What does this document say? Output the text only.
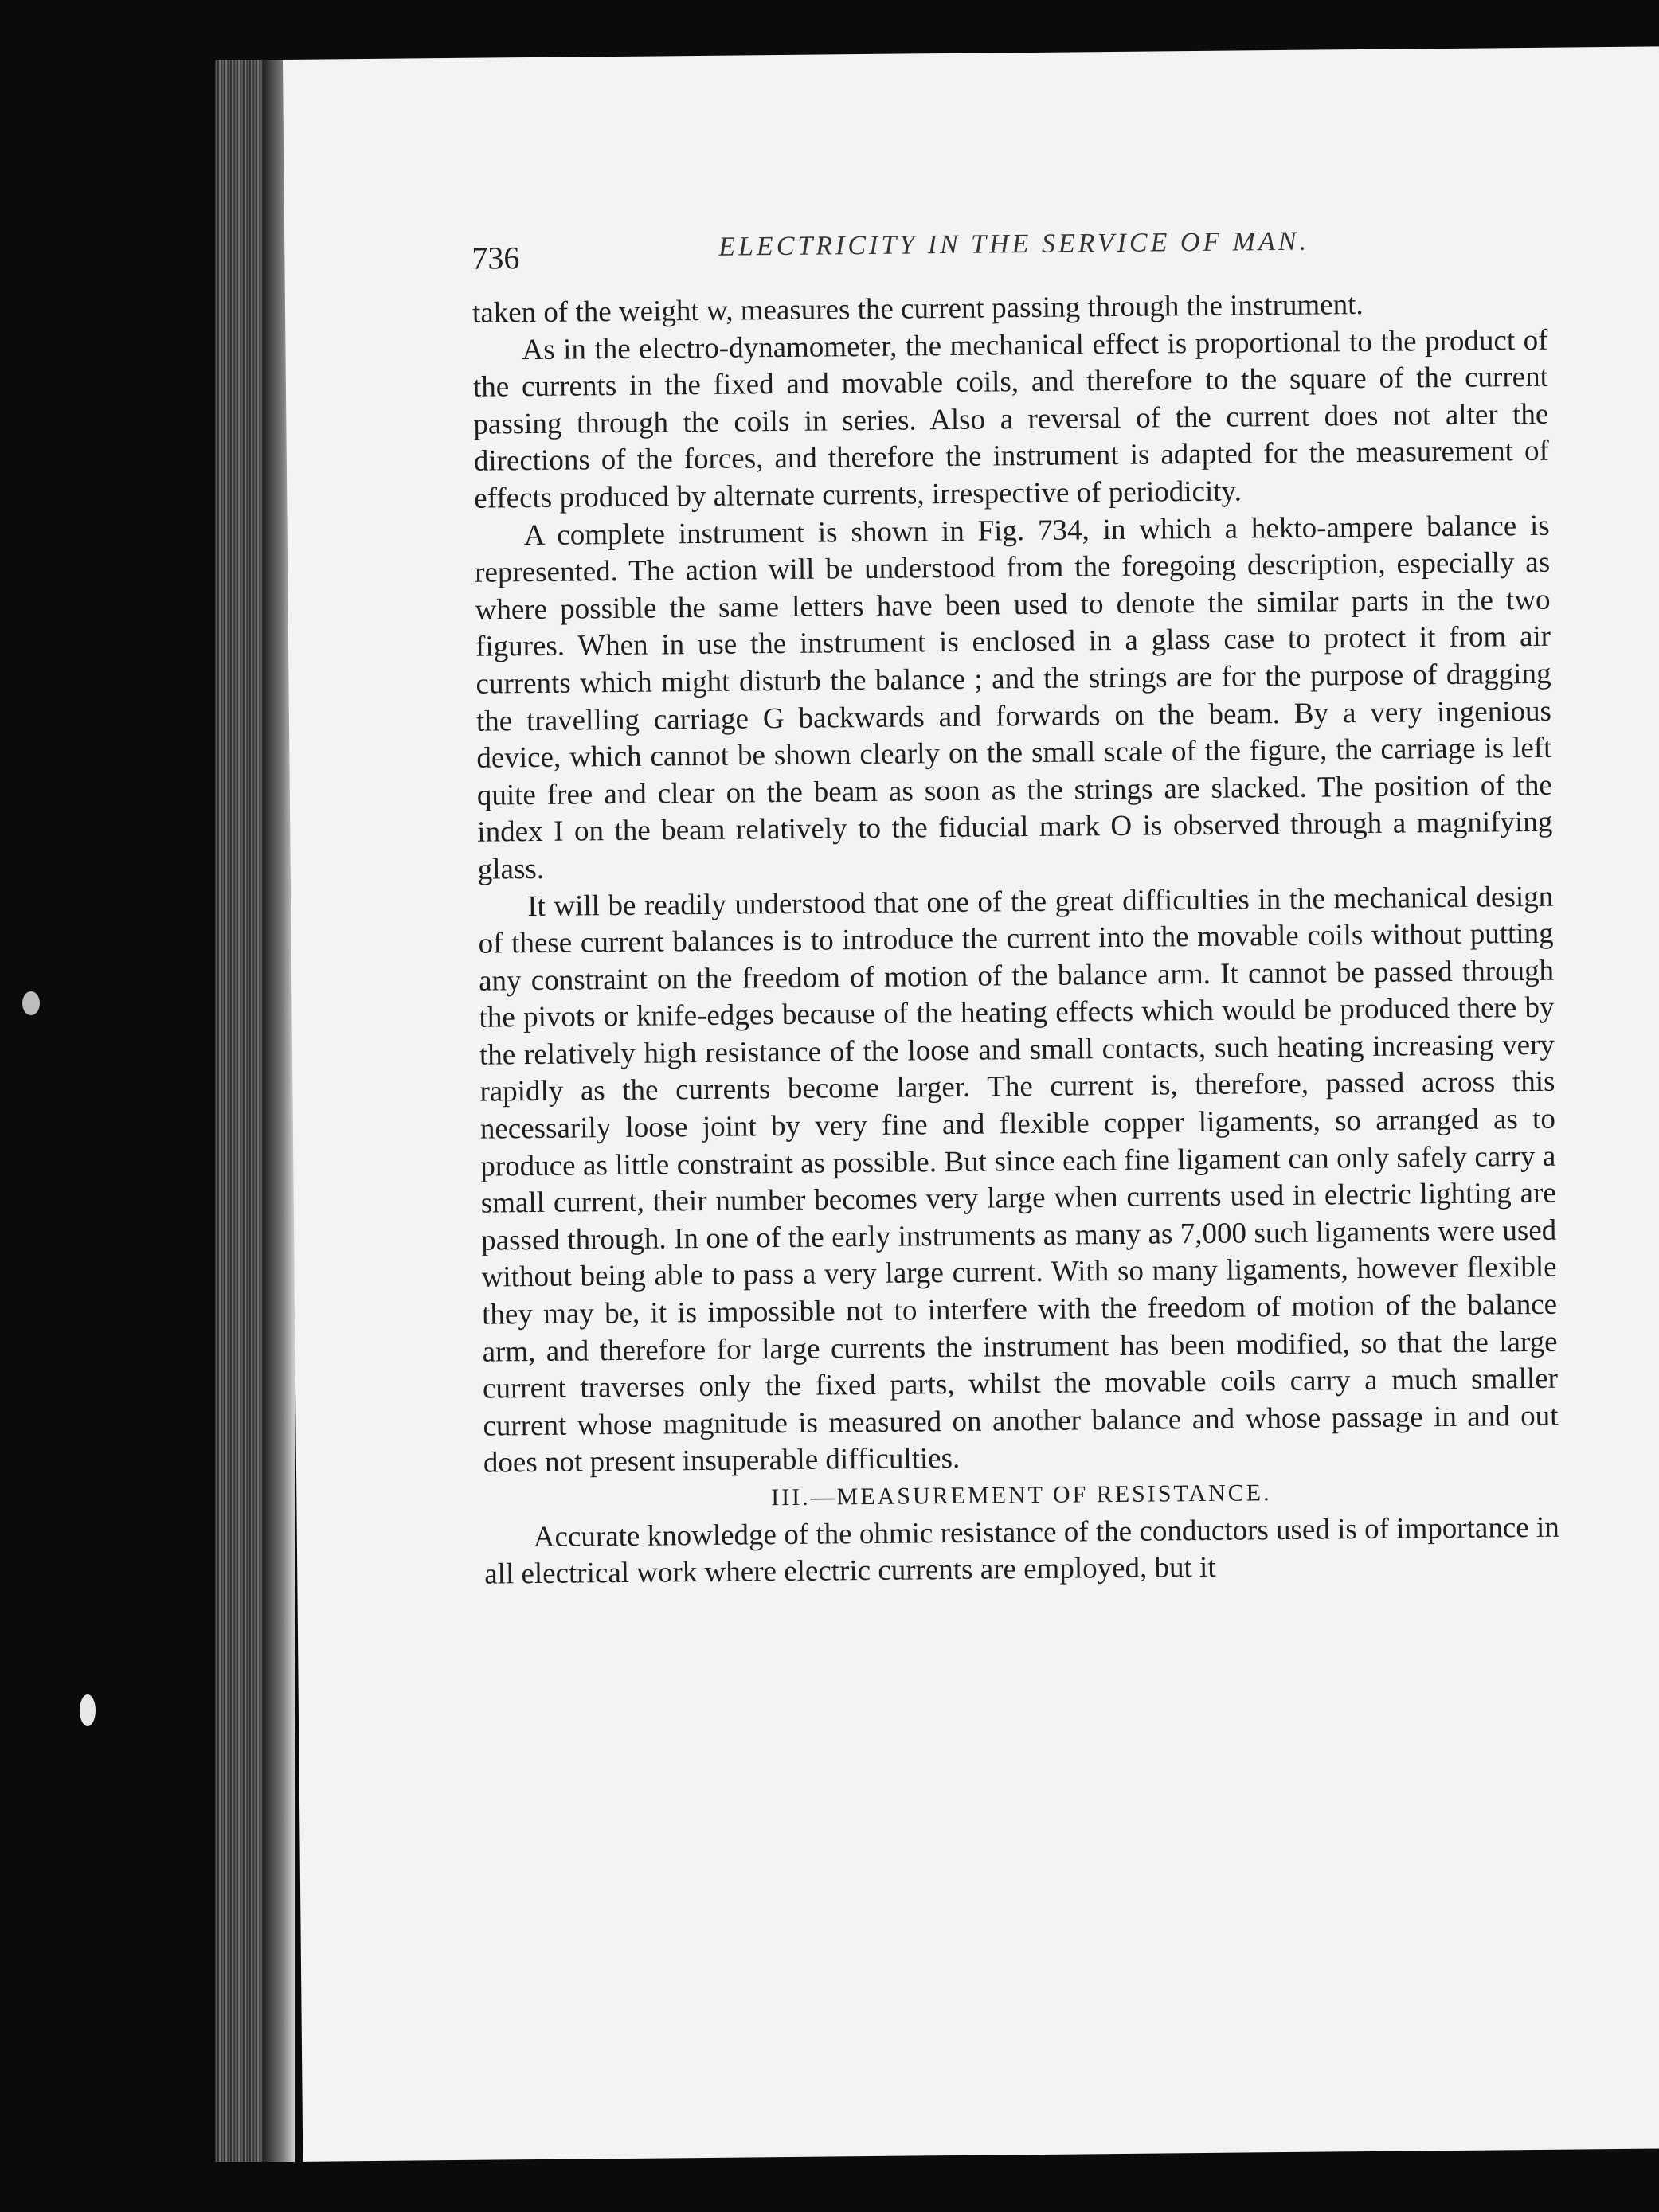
736	ELECTRICITY IN THE SERVICE OF MAN.

taken of the weight w, measures the current passing through the instrument.

As in the electro-dynamometer, the mechanical effect is proportional to the product of the currents in the fixed and movable coils, and therefore to the square of the current passing through the coils in series. Also a reversal of the current does not alter the directions of the forces, and therefore the instrument is adapted for the measurement of effects produced by alternate currents, irrespective of periodicity.

A complete instrument is shown in Fig. 734, in which a hekto-ampere balance is represented. The action will be understood from the foregoing description, especially as where possible the same letters have been used to denote the similar parts in the two figures. When in use the instrument is enclosed in a glass case to protect it from air currents which might disturb the balance ; and the strings are for the purpose of dragging the travelling carriage G backwards and forwards on the beam. By a very ingenious device, which cannot be shown clearly on the small scale of the figure, the carriage is left quite free and clear on the beam as soon as the strings are slacked. The position of the index I on the beam relatively to the fiducial mark O is observed through a magnifying glass.

It will be readily understood that one of the great difficulties in the mechanical design of these current balances is to introduce the current into the movable coils without putting any constraint on the freedom of motion of the balance arm. It cannot be passed through the pivots or knife-edges because of the heating effects which would be produced there by the relatively high resistance of the loose and small contacts, such heating increasing very rapidly as the currents become larger. The current is, therefore, passed across this necessarily loose joint by very fine and flexible copper ligaments, so arranged as to produce as little constraint as possible. But since each fine ligament can only safely carry a small current, their number becomes very large when currents used in electric lighting are passed through. In one of the early instruments as many as 7,000 such ligaments were used without being able to pass a very large current. With so many ligaments, however flexible they may be, it is impossible not to interfere with the freedom of motion of the balance arm, and therefore for large currents the instrument has been modified, so that the large current traverses only the fixed parts, whilst the movable coils carry a much smaller current whose magnitude is measured on another balance and whose passage in and out does not present insuperable difficulties.

III.—MEASUREMENT OF RESISTANCE.

Accurate knowledge of the ohmic resistance of the conductors used is of importance in all electrical work where electric currents are employed, but it
